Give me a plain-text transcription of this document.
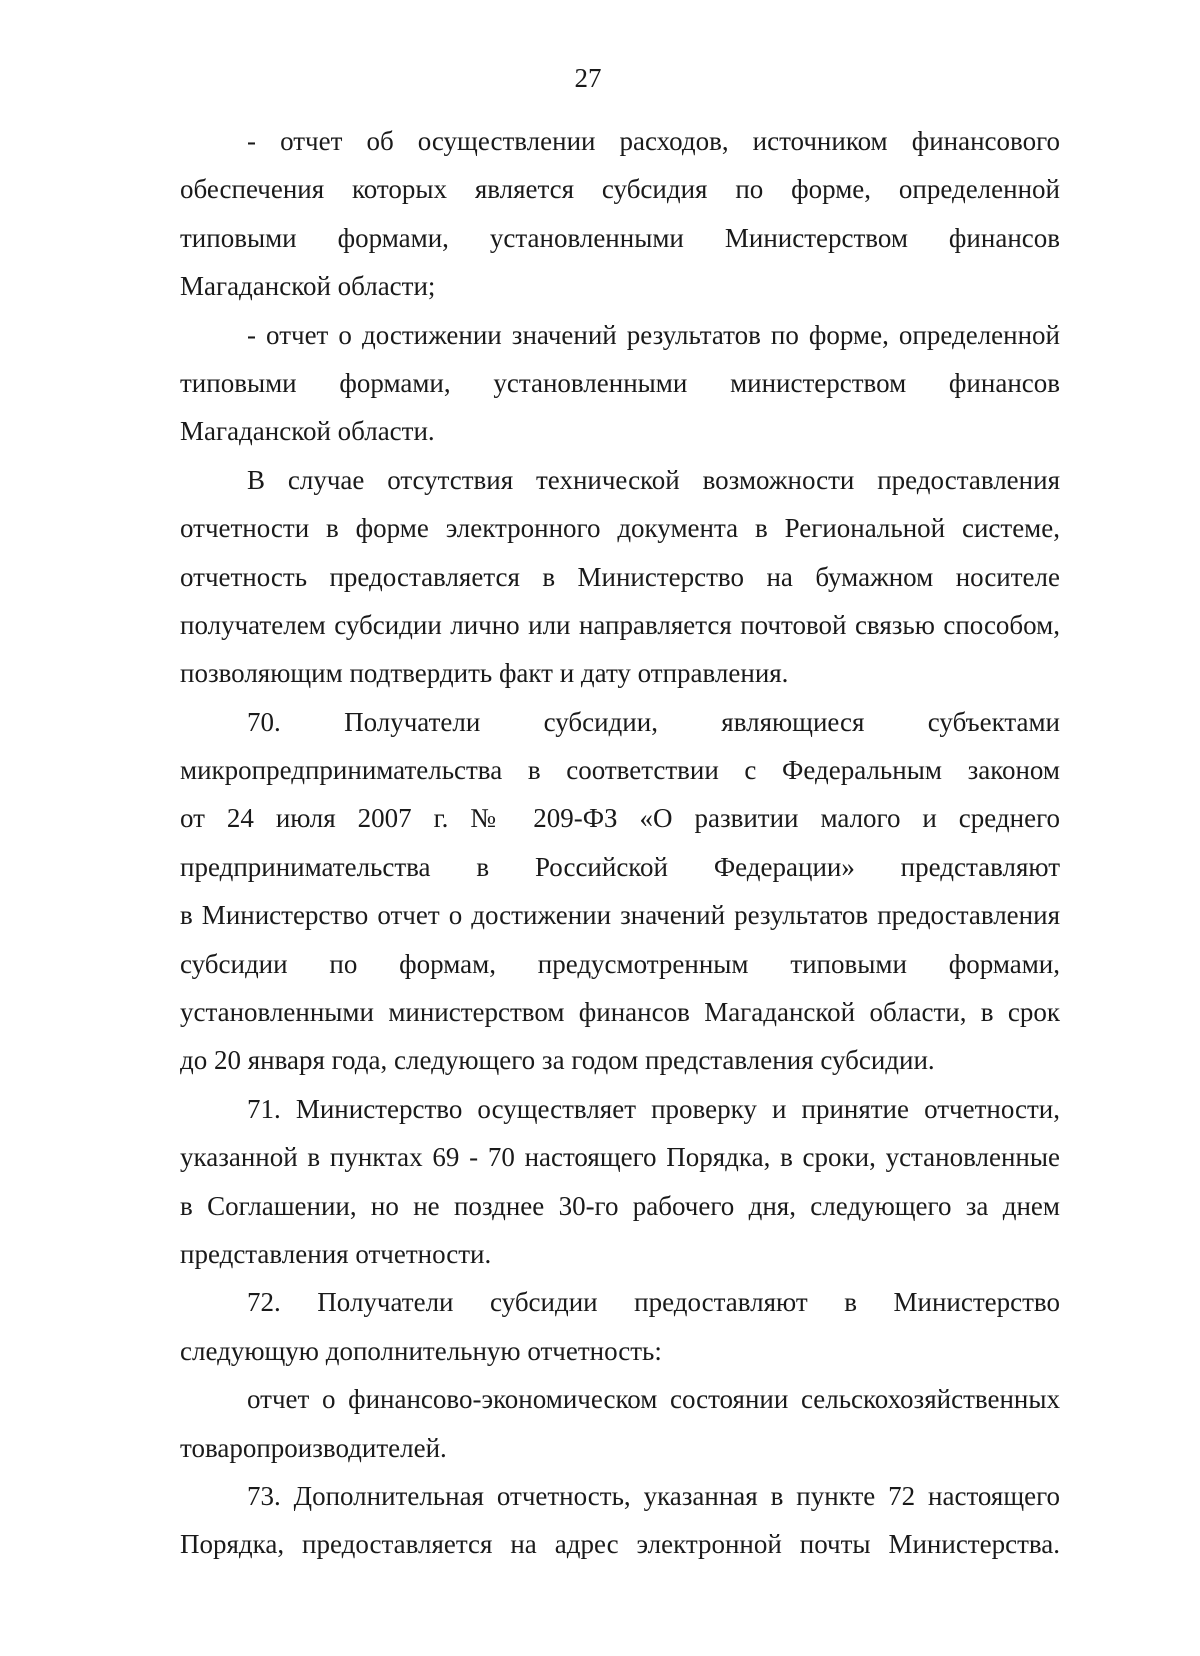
27
- отчет об осуществлении расходов, источником финансового
обеспечения которых является субсидия по форме, определенной
типовыми формами, установленными Министерством финансов
Магаданской области;
- отчет о достижении значений результатов по форме, определенной
типовыми формами, установленными министерством финансов
Магаданской области.
В случае отсутствия технической возможности предоставления
отчетности в форме электронного документа в Региональной системе,
отчетность предоставляется в Министерство на бумажном носителе
получателем субсидии лично или направляется почтовой связью способом,
позволяющим подтвердить факт и дату отправления.
70. Получатели субсидии, являющиеся субъектами
микропредпринимательства в соответствии с Федеральным законом
от 24 июля 2007 г. № 209-ФЗ «О развитии малого и среднего
предпринимательства в Российской Федерации» представляют
в Министерство отчет о достижении значений результатов предоставления
субсидии по формам, предусмотренным типовыми формами,
установленными министерством финансов Магаданской области, в срок
до 20 января года, следующего за годом представления субсидии.
71. Министерство осуществляет проверку и принятие отчетности,
указанной в пунктах 69 - 70 настоящего Порядка, в сроки, установленные
в Соглашении, но не позднее 30-го рабочего дня, следующего за днем
представления отчетности.
72. Получатели субсидии предоставляют в Министерство
следующую дополнительную отчетность:
отчет о финансово-экономическом состоянии сельскохозяйственных
товаропроизводителей.
73. Дополнительная отчетность, указанная в пункте 72 настоящего
Порядка, предоставляется на адрес электронной почты Министерства.
